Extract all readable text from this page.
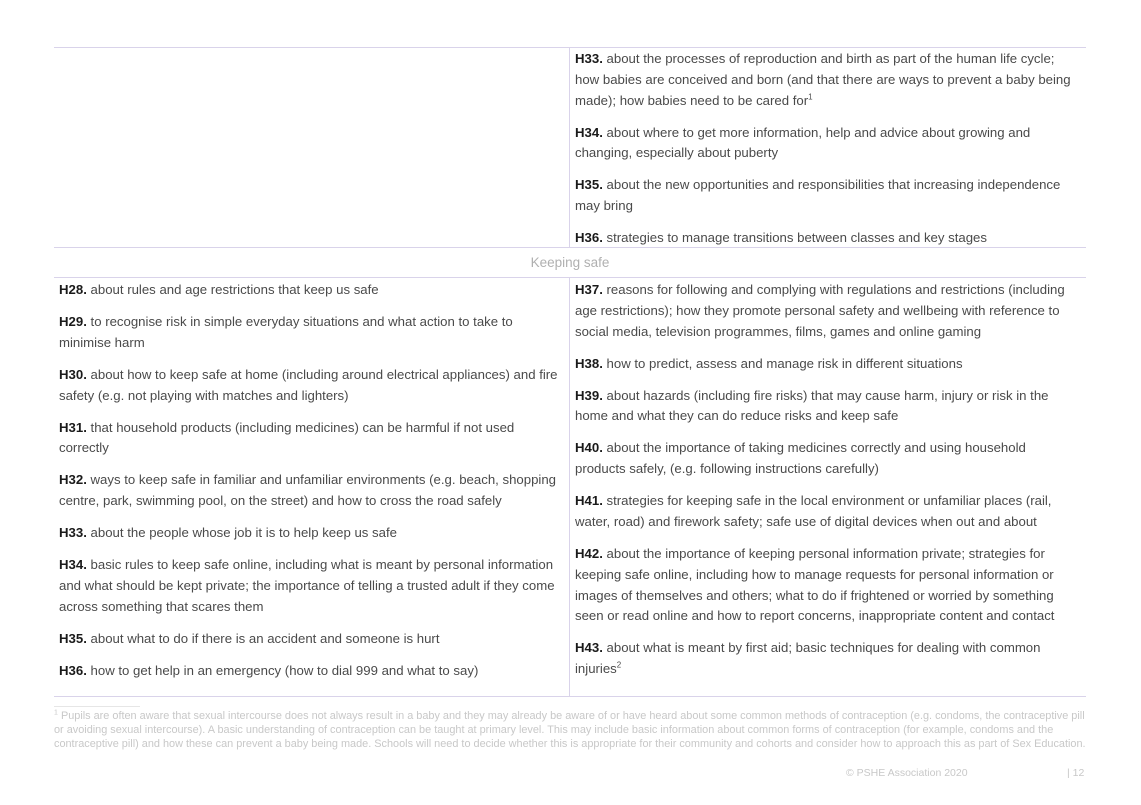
Keeping safe
H33. about the processes of reproduction and birth as part of the human life cycle; how babies are conceived and born (and that there are ways to prevent a baby being made); how babies need to be cared for$^1$
H34. about where to get more information, help and advice about growing and changing, especially about puberty
H35. about the new opportunities and responsibilities that increasing independence may bring
H36. strategies to manage transitions between classes and key stages
H28. about rules and age restrictions that keep us safe
H29. to recognise risk in simple everyday situations and what action to take to minimise harm
H30. about how to keep safe at home (including around electrical appliances) and fire safety (e.g. not playing with matches and lighters)
H31. that household products (including medicines) can be harmful if not used correctly
H32. ways to keep safe in familiar and unfamiliar environments (e.g. beach, shopping centre, park, swimming pool, on the street) and how to cross the road safely
H33. about the people whose job it is to help keep us safe
H34. basic rules to keep safe online, including what is meant by personal information and what should be kept private; the importance of telling a trusted adult if they come across something that scares them
H35. about what to do if there is an accident and someone is hurt
H36. how to get help in an emergency (how to dial 999 and what to say)
H37. reasons for following and complying with regulations and restrictions (including age restrictions); how they promote personal safety and wellbeing with reference to social media, television programmes, films, games and online gaming
H38. how to predict, assess and manage risk in different situations
H39. about hazards (including fire risks) that may cause harm, injury or risk in the home and what they can do reduce risks and keep safe
H40. about the importance of taking medicines correctly and using household products safely, (e.g. following instructions carefully)
H41. strategies for keeping safe in the local environment or unfamiliar places (rail, water, road) and firework safety; safe use of digital devices when out and about
H42. about the importance of keeping personal information private; strategies for keeping safe online, including how to manage requests for personal information or images of themselves and others; what to do if frightened or worried by something seen or read online and how to report concerns, inappropriate content and contact
H43. about what is meant by first aid; basic techniques for dealing with common injuries$^2$
$^1$ Pupils are often aware that sexual intercourse does not always result in a baby and they may already be aware of or have heard about some common methods of contraception (e.g. condoms, the contraceptive pill or avoiding sexual intercourse). A basic understanding of contraception can be taught at primary level. This may include basic information about common forms of contraception (for example, condoms and the contraceptive pill) and how these can prevent a baby being made. Schools will need to decide whether this is appropriate for their community and cohorts and consider how to approach this as part of Sex Education.
© PSHE Association 2020	| 12
